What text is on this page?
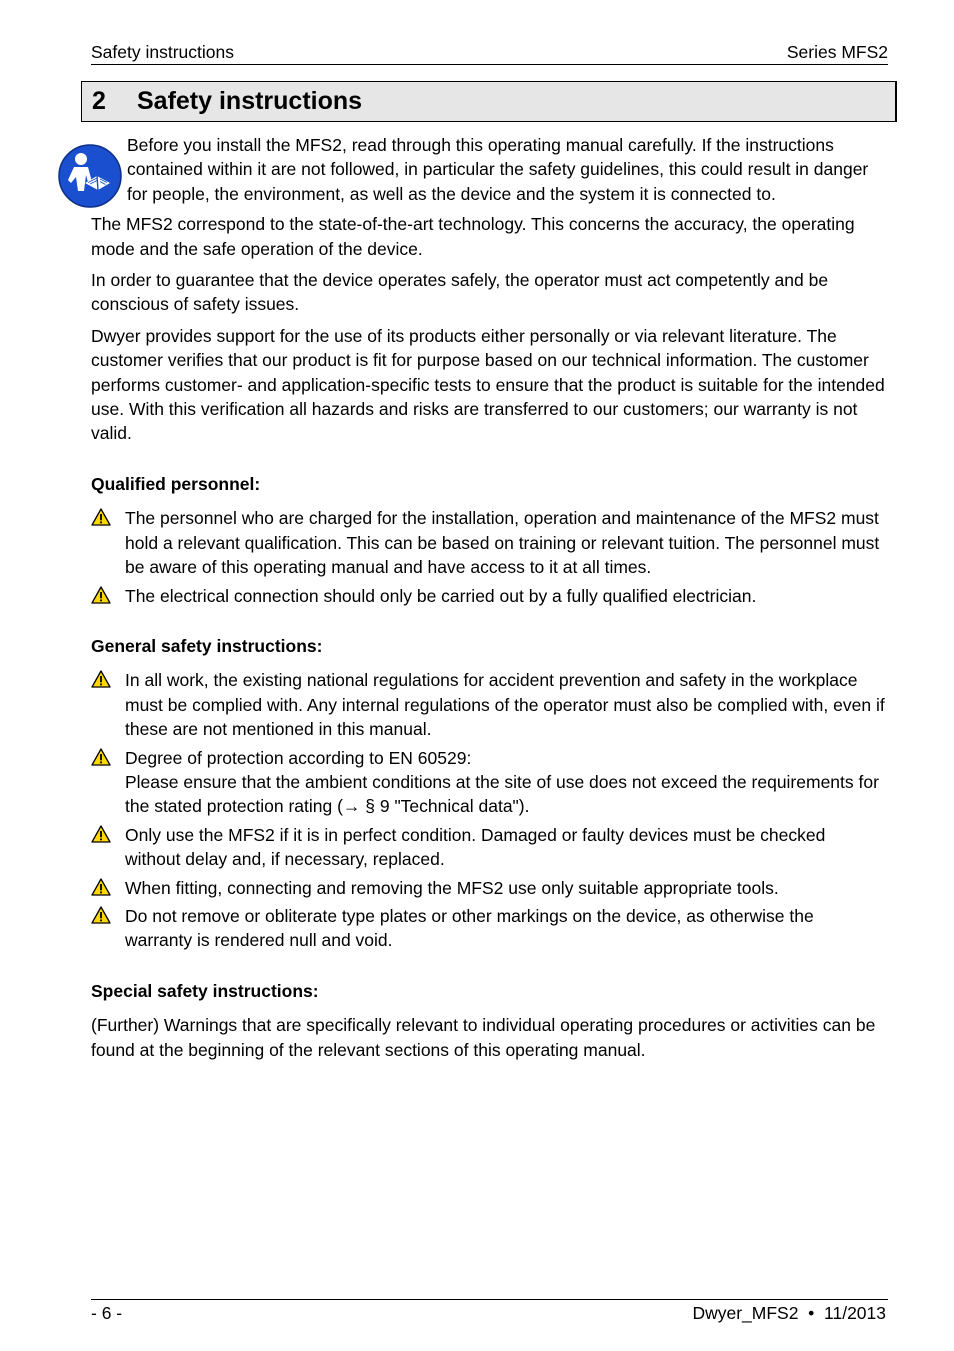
Safety instructions	Series MFS2
2 Safety instructions
Before you install the MFS2, read through this operating manual carefully. If the instructions contained within it are not followed, in particular the safety guidelines, this could result in danger for people, the environment, as well as the device and the system it is connected to.

The MFS2 correspond to the state-of-the-art technology. This concerns the accuracy, the operating mode and the safe operation of the device.

In order to guarantee that the device operates safely, the operator must act competently and be conscious of safety issues.

Dwyer provides support for the use of its products either personally or via relevant literature. The customer verifies that our product is fit for purpose based on our technical information. The customer performs customer- and application-specific tests to ensure that the product is suitable for the intended use. With this verification all hazards and risks are transferred to our customers; our warranty is not valid.

Qualified personnel:
The personnel who are charged for the installation, operation and maintenance of the MFS2 must hold a relevant qualification. This can be based on training or relevant tuition. The personnel must be aware of this operating manual and have access to it at all times.
The electrical connection should only be carried out by a fully qualified electrician.
General safety instructions:
In all work, the existing national regulations for accident prevention and safety in the workplace must be complied with. Any internal regulations of the operator must also be complied with, even if these are not mentioned in this manual.
Degree of protection according to EN 60529:
Please ensure that the ambient conditions at the site of use does not exceed the requirements for the stated protection rating (→ § 9 "Technical data").
Only use the MFS2 if it is in perfect condition. Damaged or faulty devices must be checked without delay and, if necessary, replaced.
When fitting, connecting and removing the MFS2 use only suitable appropriate tools.
Do not remove or obliterate type plates or other markings on the device, as otherwise the warranty is rendered null and void.
Special safety instructions:

(Further) Warnings that are specifically relevant to individual operating procedures or activities can be found at the beginning of the relevant sections of this operating manual.

- 6 -	Dwyer_MFS2  •  11/2013
